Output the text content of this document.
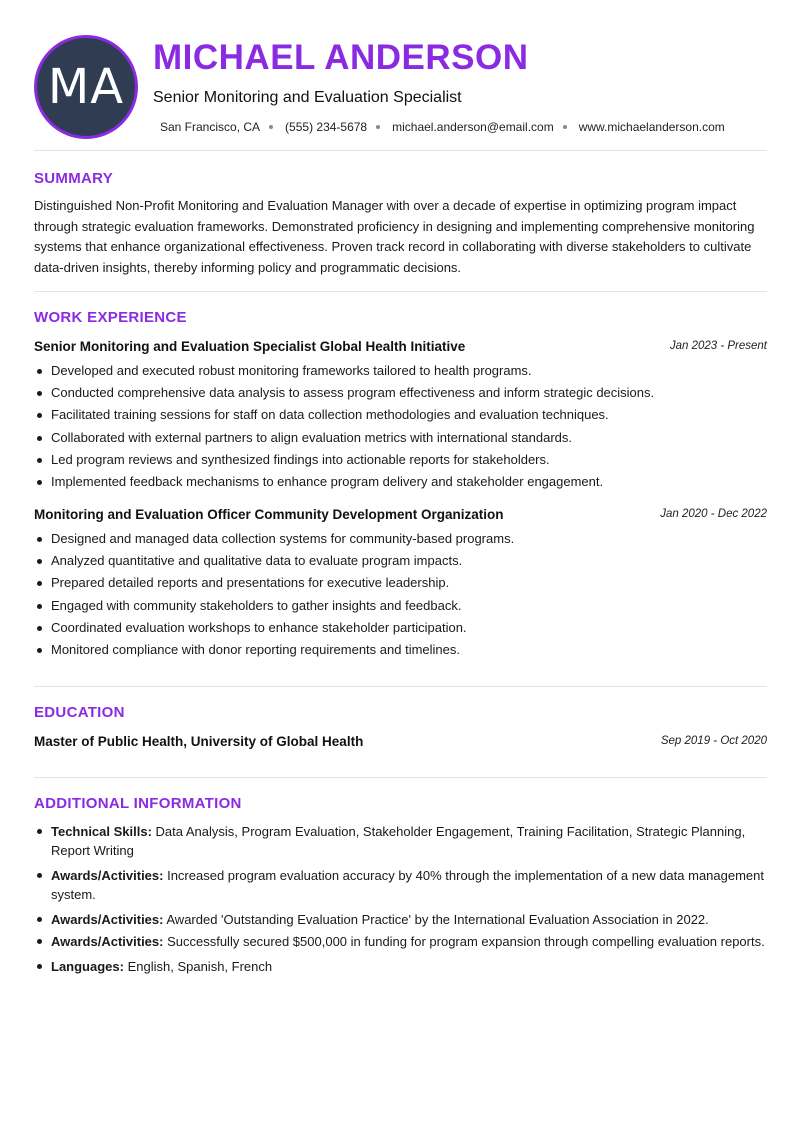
MA
MICHAEL ANDERSON
Senior Monitoring and Evaluation Specialist
San Francisco, CA (555) 234-5678 michael.anderson@email.com www.michaelanderson.com
SUMMARY
Distinguished Non-Profit Monitoring and Evaluation Manager with over a decade of expertise in optimizing program impact through strategic evaluation frameworks. Demonstrated proficiency in designing and implementing comprehensive monitoring systems that enhance organizational effectiveness. Proven track record in collaborating with diverse stakeholders to cultivate data-driven insights, thereby informing policy and programmatic decisions.
WORK EXPERIENCE
Senior Monitoring and Evaluation Specialist Global Health Initiative	Jan 2023 - Present
Developed and executed robust monitoring frameworks tailored to health programs.
Conducted comprehensive data analysis to assess program effectiveness and inform strategic decisions.
Facilitated training sessions for staff on data collection methodologies and evaluation techniques.
Collaborated with external partners to align evaluation metrics with international standards.
Led program reviews and synthesized findings into actionable reports for stakeholders.
Implemented feedback mechanisms to enhance program delivery and stakeholder engagement.
Monitoring and Evaluation Officer Community Development Organization	Jan 2020 - Dec 2022
Designed and managed data collection systems for community-based programs.
Analyzed quantitative and qualitative data to evaluate program impacts.
Prepared detailed reports and presentations for executive leadership.
Engaged with community stakeholders to gather insights and feedback.
Coordinated evaluation workshops to enhance stakeholder participation.
Monitored compliance with donor reporting requirements and timelines.
EDUCATION
Master of Public Health, University of Global Health	Sep 2019 - Oct 2020
ADDITIONAL INFORMATION
Technical Skills: Data Analysis, Program Evaluation, Stakeholder Engagement, Training Facilitation, Strategic Planning, Report Writing
Awards/Activities: Increased program evaluation accuracy by 40% through the implementation of a new data management system.
Awards/Activities: Awarded 'Outstanding Evaluation Practice' by the International Evaluation Association in 2022.
Awards/Activities: Successfully secured $500,000 in funding for program expansion through compelling evaluation reports.
Languages: English, Spanish, French
